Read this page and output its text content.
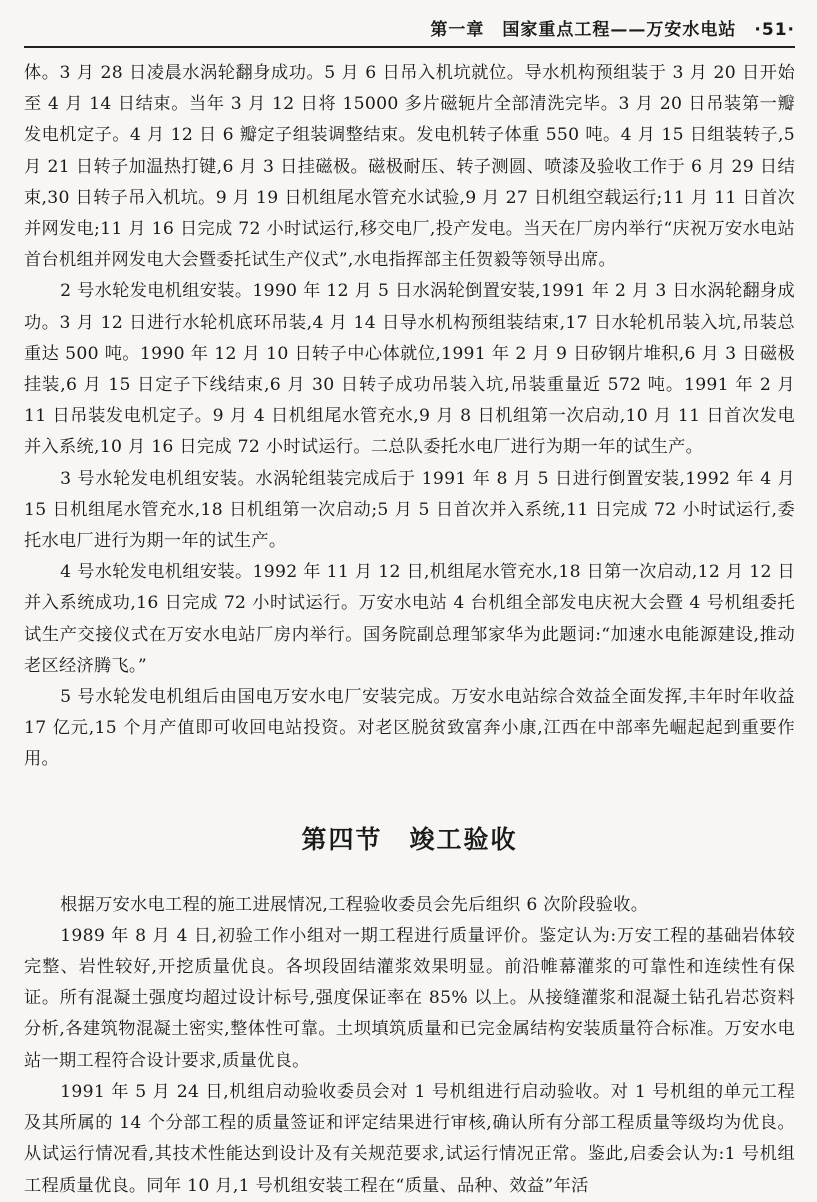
第一章　国家重点工程——万安水电站 ·51·

体。3 月 28 日凌晨水涡轮翻身成功。5 月 6 日吊入机坑就位。导水机构预组装于 3 月 20 日开始至 4 月 14 日结束。当年 3 月 12 日将 15000 多片磁轭片全部清洗完毕。3 月 20 日吊装第一瓣发电机定子。4 月 12 日 6 瓣定子组装调整结束。发电机转子体重 550 吨。4 月 15 日组装转子,5 月 21 日转子加温热打键,6 月 3 日挂磁极。磁极耐压、转子测圆、喷漆及验收工作于 6 月 29 日结束,30 日转子吊入机坑。9 月 19 日机组尾水管充水试验,9 月 27 日机组空载运行;11 月 11 日首次并网发电;11 月 16 日完成 72 小时试运行,移交电厂,投产发电。当天在厂房内举行“庆祝万安水电站首台机组并网发电大会暨委托试生产仪式”,水电指挥部主任贺毅等领导出席。

2 号水轮发电机组安装。1990 年 12 月 5 日水涡轮倒置安装,1991 年 2 月 3 日水涡轮翻身成功。3 月 12 日进行水轮机底环吊装,4 月 14 日导水机构预组装结束,17 日水轮机吊装入坑,吊装总重达 500 吨。1990 年 12 月 10 日转子中心体就位,1991 年 2 月 9 日矽钢片堆积,6 月 3 日磁极挂装,6 月 15 日定子下线结束,6 月 30 日转子成功吊装入坑,吊装重量近 572 吨。1991 年 2 月 11 日吊装发电机定子。9 月 4 日机组尾水管充水,9 月 8 日机组第一次启动,10 月 11 日首次发电并入系统,10 月 16 日完成 72 小时试运行。二总队委托水电厂进行为期一年的试生产。

3 号水轮发电机组安装。水涡轮组装完成后于 1991 年 8 月 5 日进行倒置安装,1992 年 4 月 15 日机组尾水管充水,18 日机组第一次启动;5 月 5 日首次并入系统,11 日完成 72 小时试运行,委托水电厂进行为期一年的试生产。

4 号水轮发电机组安装。1992 年 11 月 12 日,机组尾水管充水,18 日第一次启动,12 月 12 日并入系统成功,16 日完成 72 小时试运行。万安水电站 4 台机组全部发电庆祝大会暨 4 号机组委托试生产交接仪式在万安水电站厂房内举行。国务院副总理邹家华为此题词:“加速水电能源建设,推动老区经济腾飞。”

5 号水轮发电机组后由国电万安水电厂安装完成。万安水电站综合效益全面发挥,丰年时年收益 17 亿元,15 个月产值即可收回电站投资。对老区脱贫致富奔小康,江西在中部率先崛起起到重要作用。

第四节　竣工验收

根据万安水电工程的施工进展情况,工程验收委员会先后组织 6 次阶段验收。

1989 年 8 月 4 日,初验工作小组对一期工程进行质量评价。鉴定认为:万安工程的基础岩体较完整、岩性较好,开挖质量优良。各坝段固结灌浆效果明显。前沿帷幕灌浆的可靠性和连续性有保证。所有混凝土强度均超过设计标号,强度保证率在 85% 以上。从接缝灌浆和混凝土钻孔岩芯资料分析,各建筑物混凝土密实,整体性可靠。土坝填筑质量和已完金属结构安装质量符合标准。万安水电站一期工程符合设计要求,质量优良。

1991 年 5 月 24 日,机组启动验收委员会对 1 号机组进行启动验收。对 1 号机组的单元工程及其所属的 14 个分部工程的质量签证和评定结果进行审核,确认所有分部工程质量等级均为优良。从试运行情况看,其技术性能达到设计及有关规范要求,试运行情况正常。鉴此,启委会认为:1 号机组工程质量优良。同年 10 月,1 号机组安装工程在“质量、品种、效益”年活
